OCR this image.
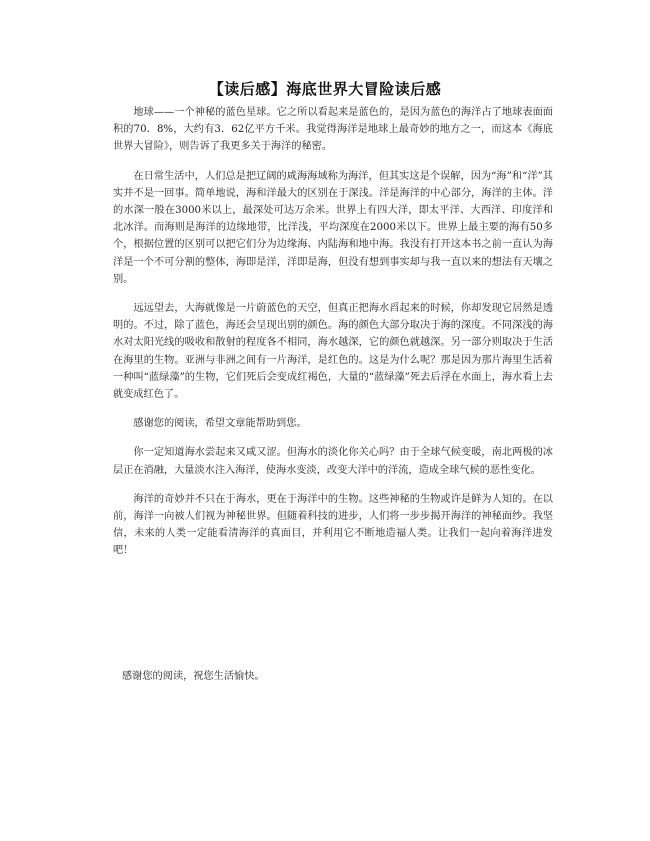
【读后感】海底世界大冒险读后感

地球——一个神秘的蓝色星球。它之所以看起来是蓝色的，是因为蓝色的海洋占了地球表面面积的70．8%，大约有3．62亿平方千米。我觉得海洋是地球上最奇妙的地方之一，而这本《海底世界大冒险》，则告诉了我更多关于海洋的秘密。

在日常生活中，人们总是把辽阔的咸海海域称为海洋，但其实这是个误解，因为“海”和“洋”其实并不是一回事。简单地说，海和洋最大的区别在于深浅。洋是海洋的中心部分，海洋的主体。洋的水深一般在3000米以上，最深处可达万余米。世界上有四大洋，即太平洋、大西洋、印度洋和北冰洋。而海则是海洋的边缘地带，比洋浅，平均深度在2000米以下。世界上最主要的海有50多个，根据位置的区别可以把它们分为边缘海、内陆海和地中海。我没有打开这本书之前一直认为海洋是一个不可分割的整体，海即是洋，洋即是海，但没有想到事实却与我一直以来的想法有天壤之别。

远远望去，大海就像是一片蔚蓝色的天空，但真正把海水舀起来的时候，你却发现它居然是透明的。不过，除了蓝色，海还会呈现出别的颜色。海的颜色大部分取决于海的深度。不同深浅的海水对太阳光线的吸收和散射的程度各不相同，海水越深，它的颜色就越深。另一部分则取决于生活在海里的生物。亚洲与非洲之间有一片海洋，是红色的。这是为什么呢？那是因为那片海里生活着一种叫“蓝绿藻”的生物，它们死后会变成红褐色，大量的“蓝绿藻”死去后浮在水面上，海水看上去就变成红色了。

感谢您的阅读，希望文章能帮助到您。

你一定知道海水尝起来又咸又涩。但海水的淡化你关心吗？由于全球气候变暖，南北两极的冰层正在消融，大量淡水注入海洋，使海水变淡，改变大洋中的洋流，造成全球气候的恶性变化。

海洋的奇妙并不只在于海水，更在于海洋中的生物。这些神秘的生物或许是鲜为人知的。在以前，海洋一向被人们视为神秘世界。但随着科技的进步，人们将一步步揭开海洋的神秘面纱。我坚信，未来的人类一定能看清海洋的真面目，并利用它不断地造福人类。让我们一起向着海洋进发吧！

感谢您的阅读，祝您生活愉快。
